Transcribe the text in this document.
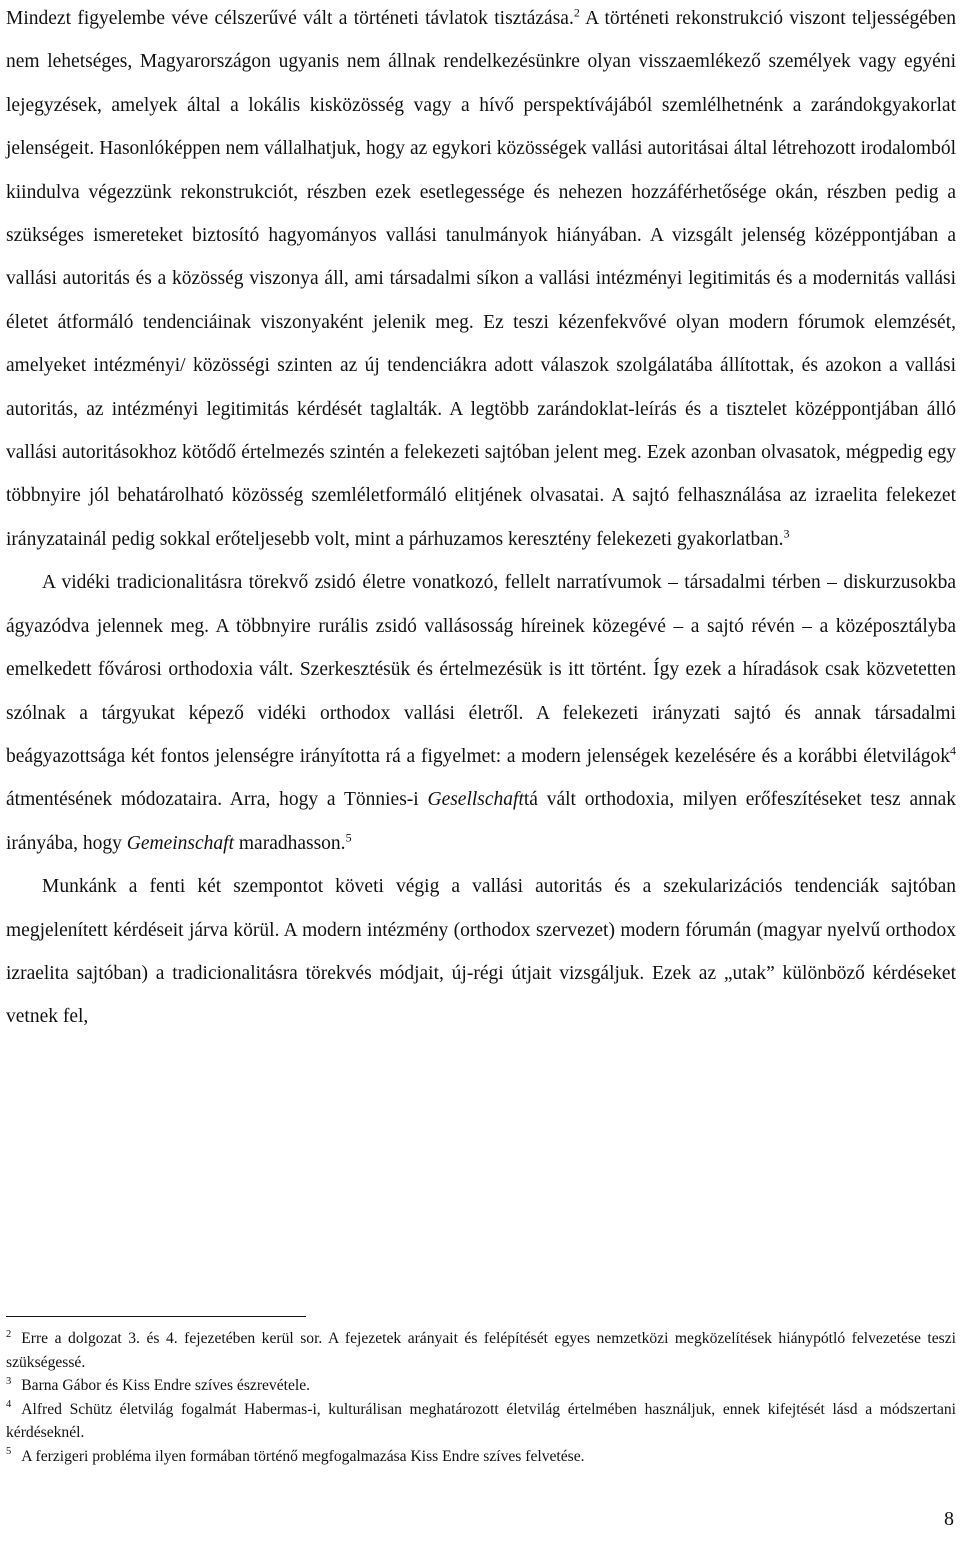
Mindezt figyelembe véve célszerűvé vált a történeti távlatok tisztázása.$^2$ A történeti rekonstrukció viszont teljességében nem lehetséges, Magyarországon ugyanis nem állnak rendelkezésünkre olyan visszaemlékező személyek vagy egyéni lejegyzések, amelyek által a lokális kisközösség vagy a hívő perspektívájából szemlélhetnénk a zarándokgyakorlat jelenségeit. Hasonlóképpen nem vállalhatjuk, hogy az egykori közösségek vallási autoritásai által létrehozott irodalomból kiindulva végezzünk rekonstrukciót, részben ezek esetlegessége és nehezen hozzáférhetősége okán, részben pedig a szükséges ismereteket biztosító hagyományos vallási tanulmányok hiányában. A vizsgált jelenség középpontjában a vallási autoritás és a közösség viszonya áll, ami társadalmi síkon a vallási intézményi legitimitás és a modernitás vallási életet átformáló tendenciáinak viszonyaként jelenik meg. Ez teszi kézenfekvővé olyan modern fórumok elemzését, amelyeket intézményi/ közösségi szinten az új tendenciákra adott válaszok szolgálatába állítottak, és azokon a vallási autoritás, az intézményi legitimitás kérdését taglalták. A legtöbb zarándoklat-leírás és a tisztelet középpontjában álló vallási autoritásokhoz kötődő értelmezés szintén a felekezeti sajtóban jelent meg. Ezek azonban olvasatok, mégpedig egy többnyire jól behatárolható közösség szemléletformáló elitjének olvasatai. A sajtó felhasználása az izraelita felekezet irányzatainál pedig sokkal erőteljesebb volt, mint a párhuzamos keresztény felekezeti gyakorlatban.$^3$

A vidéki tradicionalitásra törekvő zsidó életre vonatkozó, fellelt narratívumok – társadalmi térben – diskurzusokba ágyazódva jelennek meg. A többnyire rurális zsidó vallásosság híreinek közegévé – a sajtó révén – a középosztályba emelkedett fővárosi orthodoxia vált. Szerkesztésük és értelmezésük is itt történt. Így ezek a híradások csak közvetetten szólnak a tárgyukat képező vidéki orthodox vallási életről. A felekezeti irányzati sajtó és annak társadalmi beágyazottsága két fontos jelenségre irányította rá a figyelmet: a modern jelenségek kezelésére és a korábbi életvilágok$^4$ átmentésének módozataira. Arra, hogy a Tönnies-i Gesellschafttá vált orthodoxia, milyen erőfeszítéseket tesz annak irányába, hogy Gemeinschaft maradhasson.$^5$

Munkánk a fenti két szempontot követi végig a vallási autoritás és a szekularizációs tendenciák sajtóban megjelenített kérdéseit járva körül. A modern intézmény (orthodox szervezet) modern fórumán (magyar nyelvű orthodox izraelita sajtóban) a tradicionalitásra törekvés módjait, új-régi útjait vizsgáljuk. Ezek az „utak” különböző kérdéseket vetnek fel,

$^2$ Erre a dolgozat 3. és 4. fejezetében kerül sor. A fejezetek arányait és felépítését egyes nemzetközi megközelítések hiánypótló felvezetése teszi szükségessé.

$^3$ Barna Gábor és Kiss Endre szíves észrevétele.

$^4$ Alfred Schütz életvilág fogalmát Habermas-i, kulturálisan meghatározott életvilág értelmében használjuk, ennek kifejtését lásd a módszertani kérdéseknél.

$^5$ A ferzigeri probléma ilyen formában történő megfogalmazása Kiss Endre szíves felvetése.

8
